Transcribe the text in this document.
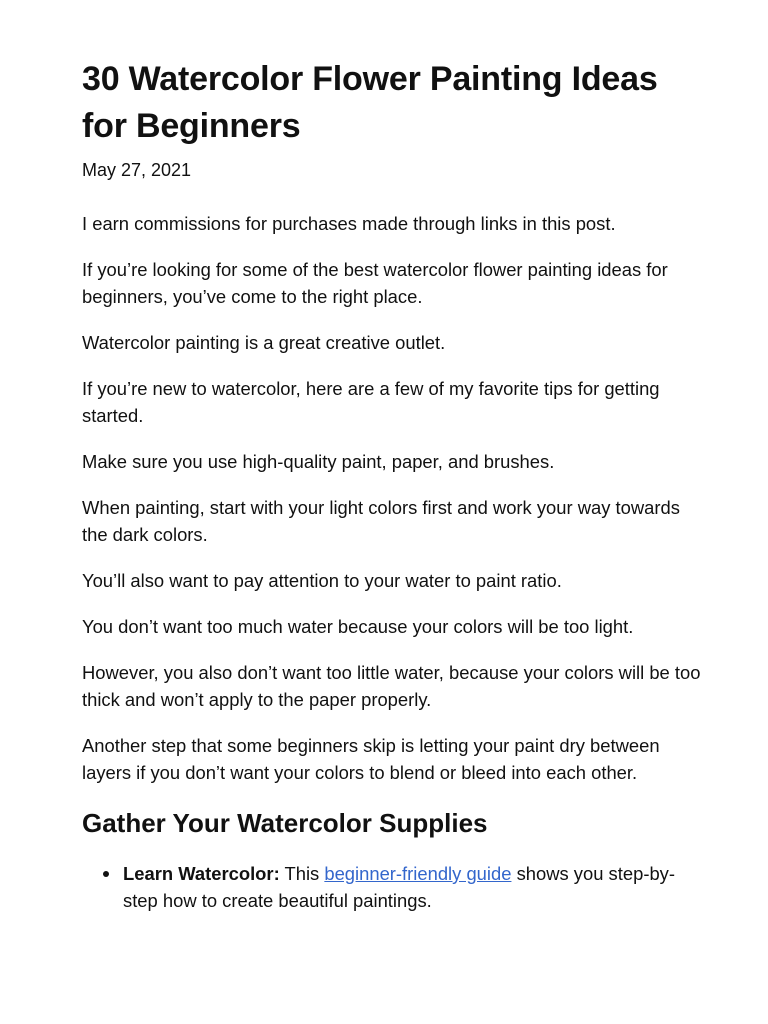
30 Watercolor Flower Painting Ideas for Beginners
May 27, 2021

I earn commissions for purchases made through links in this post.

If you’re looking for some of the best watercolor flower painting ideas for beginners, you’ve come to the right place.

Watercolor painting is a great creative outlet.

If you’re new to watercolor, here are a few of my favorite tips for getting started.

Make sure you use high-quality paint, paper, and brushes.

When painting, start with your light colors first and work your way towards the dark colors.

You’ll also want to pay attention to your water to paint ratio.

You don’t want too much water because your colors will be too light.

However, you also don’t want too little water, because your colors will be too thick and won’t apply to the paper properly.

Another step that some beginners skip is letting your paint dry between layers if you don’t want your colors to blend or bleed into each other.

Gather Your Watercolor Supplies
Learn Watercolor: This beginner-friendly guide shows you step-by-step how to create beautiful paintings.
